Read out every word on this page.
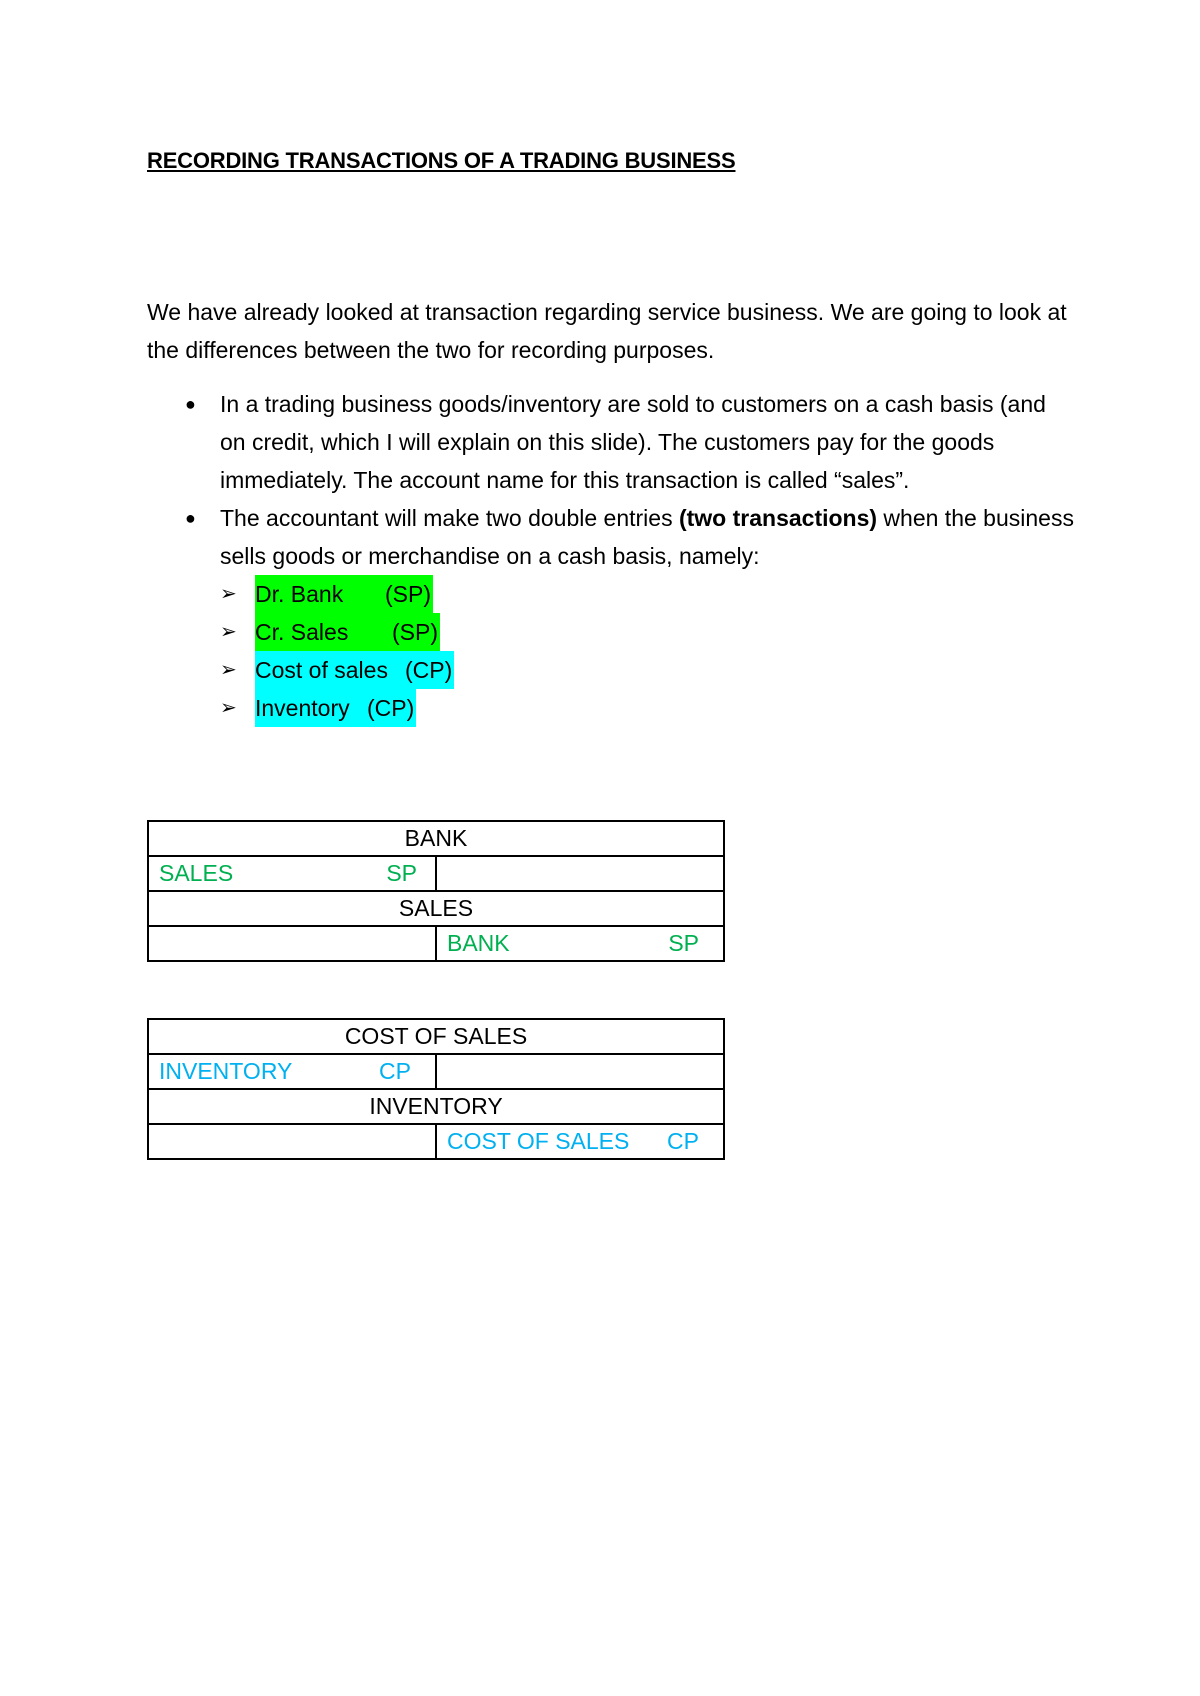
RECORDING TRANSACTIONS OF A TRADING BUSINESS

We have already looked at transaction regarding service business. We are going to look at the differences between the two for recording purposes.

● In a trading business goods/inventory are sold to customers on a cash basis (and on credit, which I will explain on this slide). The customers pay for the goods immediately. The account name for this transaction is called “sales”.
● The accountant will make two double entries (two transactions) when the business sells goods or merchandise on a cash basis, namely:
➢ Dr. Bank (SP)
➢ Cr. Sales (SP)
➢ Cost of sales (CP)
➢ Inventory (CP)
BANK	

SALES SP	

SALES	

	BANK SP
COST OF SALES	

INVENTORY CP	

INVENTORY	

	COST OF SALES CP
